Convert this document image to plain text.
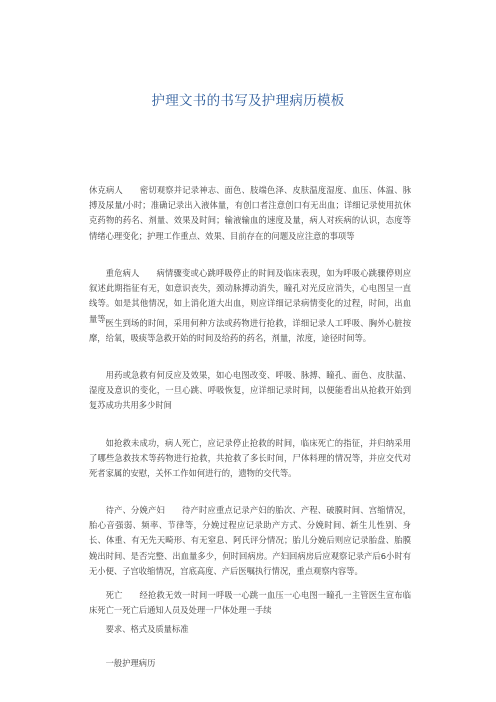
护理文书的书写及护理病历模板

休克病人　　密切观察并记录神志、面色、肢端色泽、皮肤温度湿度、血压、体温、脉搏及尿量/小时；准确记录出入液体量，有创口者注意创口有无出血；详细记录使用抗休克药物的药名、剂量、效果及时间；输液输血的速度及量，病人对疾病的认识，态度等情绪心理变化；护理工作重点、效果、目前存在的问题及应注意的事项等

重危病人　　病情骤变或心跳呼吸停止的时间及临床表现，如为呼吸心跳骤停则应叙述此期指征有无，如意识丧失，颈动脉搏动消失，瞳孔对光反应消失，心电图呈一直线等。如是其他情况，如上消化道大出血，则应详细记录病情变化的过程，时间，出血量等。

医生到场的时间，采用何种方法或药物进行抢救，详细记录人工呼吸、胸外心脏按摩，给氧，吸痰等急救开始的时间及给药的药名，剂量，浓度，途径时间等。

用药或急救有何反应及效果，如心电图改变、呼吸、脉搏、瞳孔、面色、皮肤温、湿度及意识的变化，一旦心跳、呼吸恢复，应详细记录时间，以便能看出从抢救开始到复苏成功共用多少时间

如抢救未成功，病人死亡，应记录停止抢救的时间，临床死亡的指征，并归纳采用了哪些急救技术等药物进行抢救，共抢救了多长时间，尸体料理的情况等，并应交代对死者家属的安慰，关怀工作如何进行的，遗物的交代等。

待产、分娩产妇　　待产时应重点记录产妇的胎次、产程、破膜时间、宫缩情况，胎心音强弱、频率、节律等，分娩过程应记录助产方式、分娩时间、新生儿性别、身长、体重、有无先天畸形、有无窒息、阿氏评分情况；胎儿分娩后则应记录胎盘、胎膜娩出时间、是否完整、出血量多少，何时回病房。产妇回病房后应观察记录产后6小时有无小便、子宫收缩情况，宫底高度、产后医嘱执行情况，重点观察内容等。

死亡　　经抢救无效一时间一呼吸一心跳一血压一心电图一瞳孔一主管医生宣布临床死亡一死亡后通知人员及处理一尸体处理一手续

要求、格式及质量标准

一般护理病历
